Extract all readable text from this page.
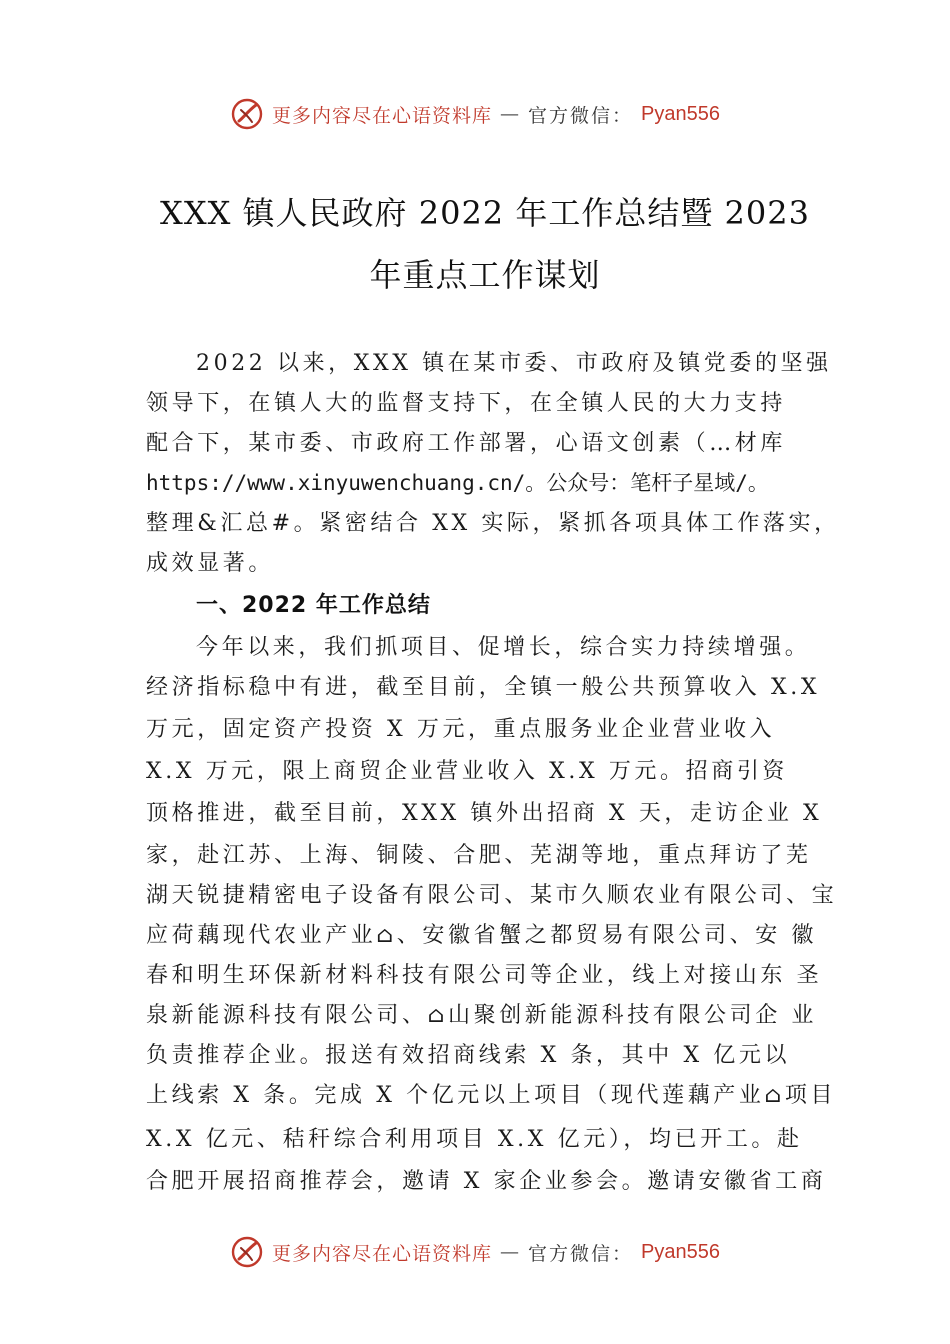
更多内容尽在心语资料库 — 官方微信： Pyan556
XXX 镇人民政府 2022 年工作总结暨 2023
年重点工作谋划

2022 以来，XXX 镇在某市委、市政府及镇党委的坚强

领导下，在镇人大的监督支持下，在全镇人民的大力支持

配合下，某市委、市政府工作部署，心语文创素（…材库

https://www.xinyuwenchuang.cn/。公众号：笔杆子星域/。

整理&汇总#。紧密结合 XX 实际，紧抓各项具体工作落实，

成效显著。

一、2022 年工作总结

今年以来，我们抓项目、促增长，综合实力持续增强。

经济指标稳中有进，截至目前，全镇一般公共预算收入 X.X

万元，固定资产投资 X 万元，重点服务业企业营业收入

X.X 万元，限上商贸企业营业收入 X.X 万元。招商引资

顶格推进，截至目前，XXX 镇外出招商 X 天，走访企业 X

家，赴江苏、上海、铜陵、合肥、芜湖等地，重点拜访了芜

湖天锐捷精密电子设备有限公司、某市久顺农业有限公司、宝

应荷藕现代农业产业⌂、安徽省蟹之都贸易有限公司、安 徽

春和明生环保新材料科技有限公司等企业，线上对接山东 圣

泉新能源科技有限公司、⌂山聚创新能源科技有限公司企 业

负责推荐企业。报送有效招商线索 X 条，其中 X 亿元以

上线索 X 条。完成 X 个亿元以上项目（现代莲藕产业⌂项目

X.X 亿元、秸秆综合利用项目 X.X 亿元），均已开工。赴

合肥开展招商推荐会，邀请 X 家企业参会。邀请安徽省工商

更多内容尽在心语资料库 — 官方微信： Pyan556
